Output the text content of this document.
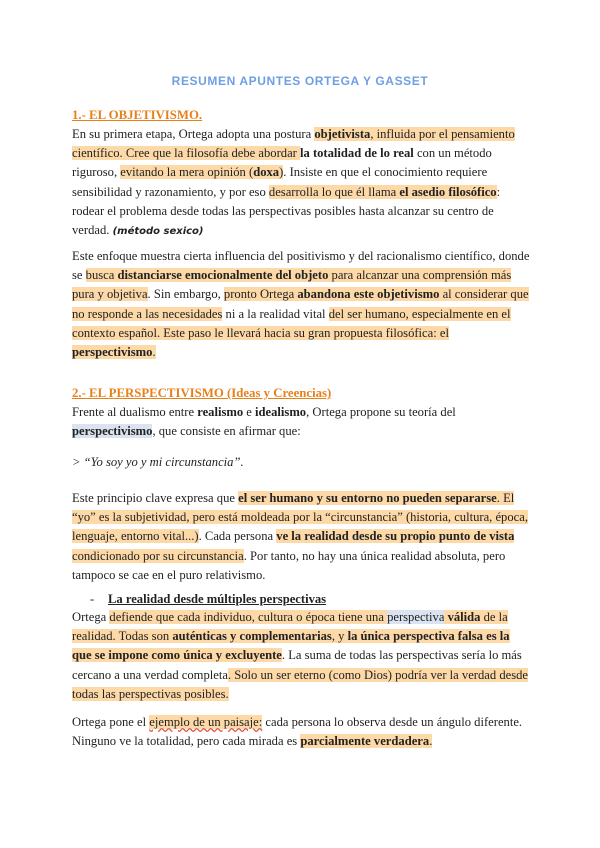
RESUMEN APUNTES ORTEGA Y GASSET
1.- EL OBJETIVISMO.

En su primera etapa, Ortega adopta una postura objetivista, influida por el pensamiento científico. Cree que la filosofía debe abordar la totalidad de lo real con un método riguroso, evitando la mera opinión (doxa). Insiste en que el conocimiento requiere sensibilidad y razonamiento, y por eso desarrolla lo que él llama el asedio filosófico: rodear el problema desde todas las perspectivas posibles hasta alcanzar su centro de verdad. (método sexico)

Este enfoque muestra cierta influencia del positivismo y del racionalismo científico, donde se busca distanciarse emocionalmente del objeto para alcanzar una comprensión más pura y objetiva. Sin embargo, pronto Ortega abandona este objetivismo al considerar que no responde a las necesidades ni a la realidad vital del ser humano, especialmente en el contexto español. Este paso le llevará hacia su gran propuesta filosófica: el perspectivismo.

2.- EL PERSPECTIVISMO (Ideas y Creencias)

Frente al dualismo entre realismo e idealismo, Ortega propone su teoría del perspectivismo, que consiste en afirmar que:

> “Yo soy yo y mi circunstancia”.

Este principio clave expresa que el ser humano y su entorno no pueden separarse. El “yo” es la subjetividad, pero está moldeada por la “circunstancia” (historia, cultura, época, lenguaje, entorno vital...). Cada persona ve la realidad desde su propio punto de vista condicionado por su circunstancia. Por tanto, no hay una única realidad absoluta, pero tampoco se cae en el puro relativismo.

- La realidad desde múltiples perspectivas

Ortega defiende que cada individuo, cultura o época tiene una perspectiva válida de la realidad. Todas son auténticas y complementarias, y la única perspectiva falsa es la que se impone como única y excluyente. La suma de todas las perspectivas sería lo más cercano a una verdad completa. Solo un ser eterno (como Dios) podría ver la verdad desde todas las perspectivas posibles.

Ortega pone el ejemplo de un paisaje: cada persona lo observa desde un ángulo diferente. Ninguno ve la totalidad, pero cada mirada es parcialmente verdadera.
